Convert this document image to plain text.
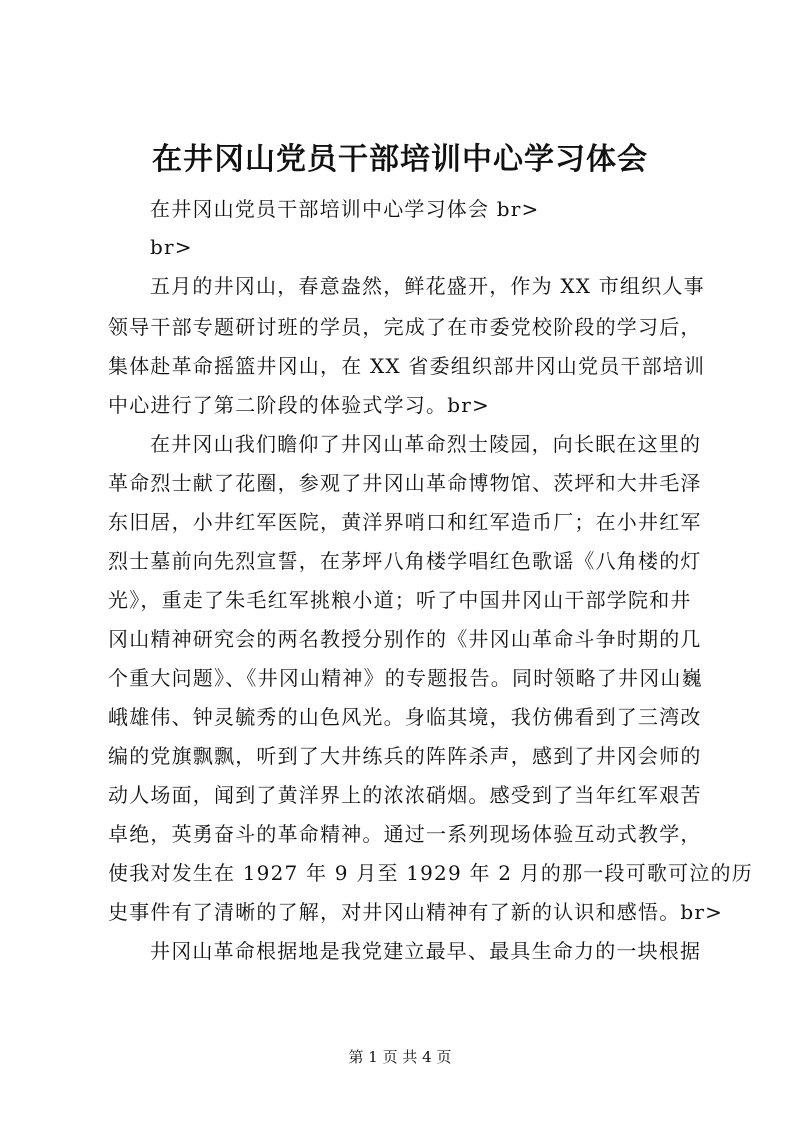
在井冈山党员干部培训中心学习体会
在井冈山党员干部培训中心学习体会 br>
br>
五月的井冈山，春意盎然，鲜花盛开，作为 XX 市组织人事
领导干部专题研讨班的学员，完成了在市委党校阶段的学习后，
集体赴革命摇篮井冈山，在 XX 省委组织部井冈山党员干部培训
中心进行了第二阶段的体验式学习。br>
在井冈山我们瞻仰了井冈山革命烈士陵园，向长眠在这里的
革命烈士献了花圈，参观了井冈山革命博物馆、茨坪和大井毛泽
东旧居，小井红军医院，黄洋界哨口和红军造币厂；在小井红军
烈士墓前向先烈宣誓，在茅坪八角楼学唱红色歌谣《八角楼的灯
光》，重走了朱毛红军挑粮小道；听了中国井冈山干部学院和井
冈山精神研究会的两名教授分别作的《井冈山革命斗争时期的几
个重大问题》、《井冈山精神》的专题报告。同时领略了井冈山巍
峨雄伟、钟灵毓秀的山色风光。身临其境，我仿佛看到了三湾改
编的党旗飘飘，听到了大井练兵的阵阵杀声，感到了井冈会师的
动人场面，闻到了黄洋界上的浓浓硝烟。感受到了当年红军艰苦
卓绝，英勇奋斗的革命精神。通过一系列现场体验互动式教学，
使我对发生在 1927 年 9 月至 1929 年 2 月的那一段可歌可泣的历
史事件有了清晰的了解，对井冈山精神有了新的认识和感悟。br>
井冈山革命根据地是我党建立最早、最具生命力的一块根据
第 1 页 共 4 页
